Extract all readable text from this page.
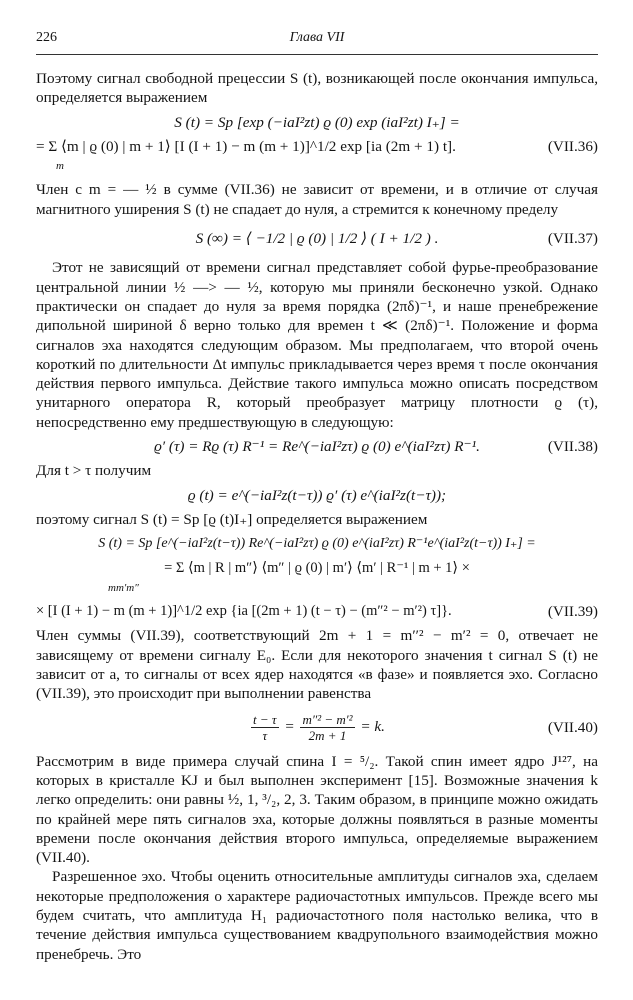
226	Глава VII

Поэтому сигнал свободной прецессии S (t), возникающей после окончания импульса, определяется выражением

S (t) = Sp [exp (−iaI²zt) ϱ (0) exp (iaI²zt) I₊] =
= Σ ⟨m | ϱ (0) | m + 1⟩ [I (I + 1) − m (m + 1)]^1/2 exp [ia (2m + 1) t].
m
(VII.36)

Член с m = — ½ в сумме (VII.36) не зависит от времени, и в отличие от случая магнитного уширения S (t) не спадает до нуля, а стремится к конечному пределу

S (∞) = ⟨ −1/2 | ϱ (0) | 1/2 ⟩ ( I + 1/2 ) .	(VII.37)

Этот не зависящий от времени сигнал представляет собой фурье-преобразование центральной линии ½ —> — ½, которую мы приняли бесконечно узкой. Однако практически он спадает до нуля за время порядка (2πδ)⁻¹, и наше пренебрежение дипольной шириной δ верно только для времен t ≪ (2πδ)⁻¹. Положение и форма сигналов эха находятся следующим образом. Мы предполагаем, что второй очень короткий по длительности Δt импульс прикладывается через время τ после окончания действия первого импульса. Действие такого импульса можно описать посредством унитарного оператора R, который преобразует матрицу плотности ϱ (τ), непосредственно ему предшествующую в следующую:

ϱ′ (τ) = Rϱ (τ) R⁻¹ = Re^(−iaI²zτ) ϱ (0) e^(iaI²zτ) R⁻¹.	(VII.38)

Для t > τ получим

ϱ (t) = e^(−iaI²z(t−τ)) ϱ′ (τ) e^(iaI²z(t−τ));

поэтому сигнал S (t) = Sp [ϱ (t)I₊] определяется выражением

S (t) = Sp [e^(−iaI²z(t−τ)) Re^(−iaI²zτ) ϱ (0) e^(iaI²zτ) R⁻¹e^(iaI²z(t−τ)) I₊] =
= Σ ⟨m | R | m″⟩ ⟨m″ | ϱ (0) | m′⟩ ⟨m′ | R⁻¹ | m + 1⟩ ×
mm′m″
× [I (I + 1) − m (m + 1)]^1/2 exp {ia [(2m + 1) (t − τ) − (m″² − m′²) τ]}.	(VII.39)

Член суммы (VII.39), соответствующий 2m + 1 = m′′² − m′² = 0, отвечает не зависящему от времени сигналу E₀. Если для некоторого значения t сигнал S (t) не зависит от a, то сигналы от всех ядер находятся «в фазе» и появляется эхо. Согласно (VII.39), это происходит при выполнении равенства

$\frac{t - \tau}{\tau} = \frac{\text{m″² − m′²}}{2m + 1} = k$.	(VII.40)

Рассмотрим в виде примера случай спина I = ⁵/₂. Такой спин имеет ядро J¹²⁷, на которых в кристалле KJ и был выполнен эксперимент [15]. Возможные значения k легко определить: они равны ½, 1, ³/₂, 2, 3. Таким образом, в принципе можно ожидать по крайней мере пять сигналов эха, которые должны появляться в разные моменты времени после окончания действия второго импульса, определяемые выражением (VII.40).

Разрешенное эхо. Чтобы оценить относительные амплитуды сигналов эха, сделаем некоторые предположения о характере радиочастотных импульсов. Прежде всего мы будем считать, что амплитуда H₁ радиочастотного поля настолько велика, что в течение действия импульса существованием квадрупольного взаимодействия можно пренебречь. Это
